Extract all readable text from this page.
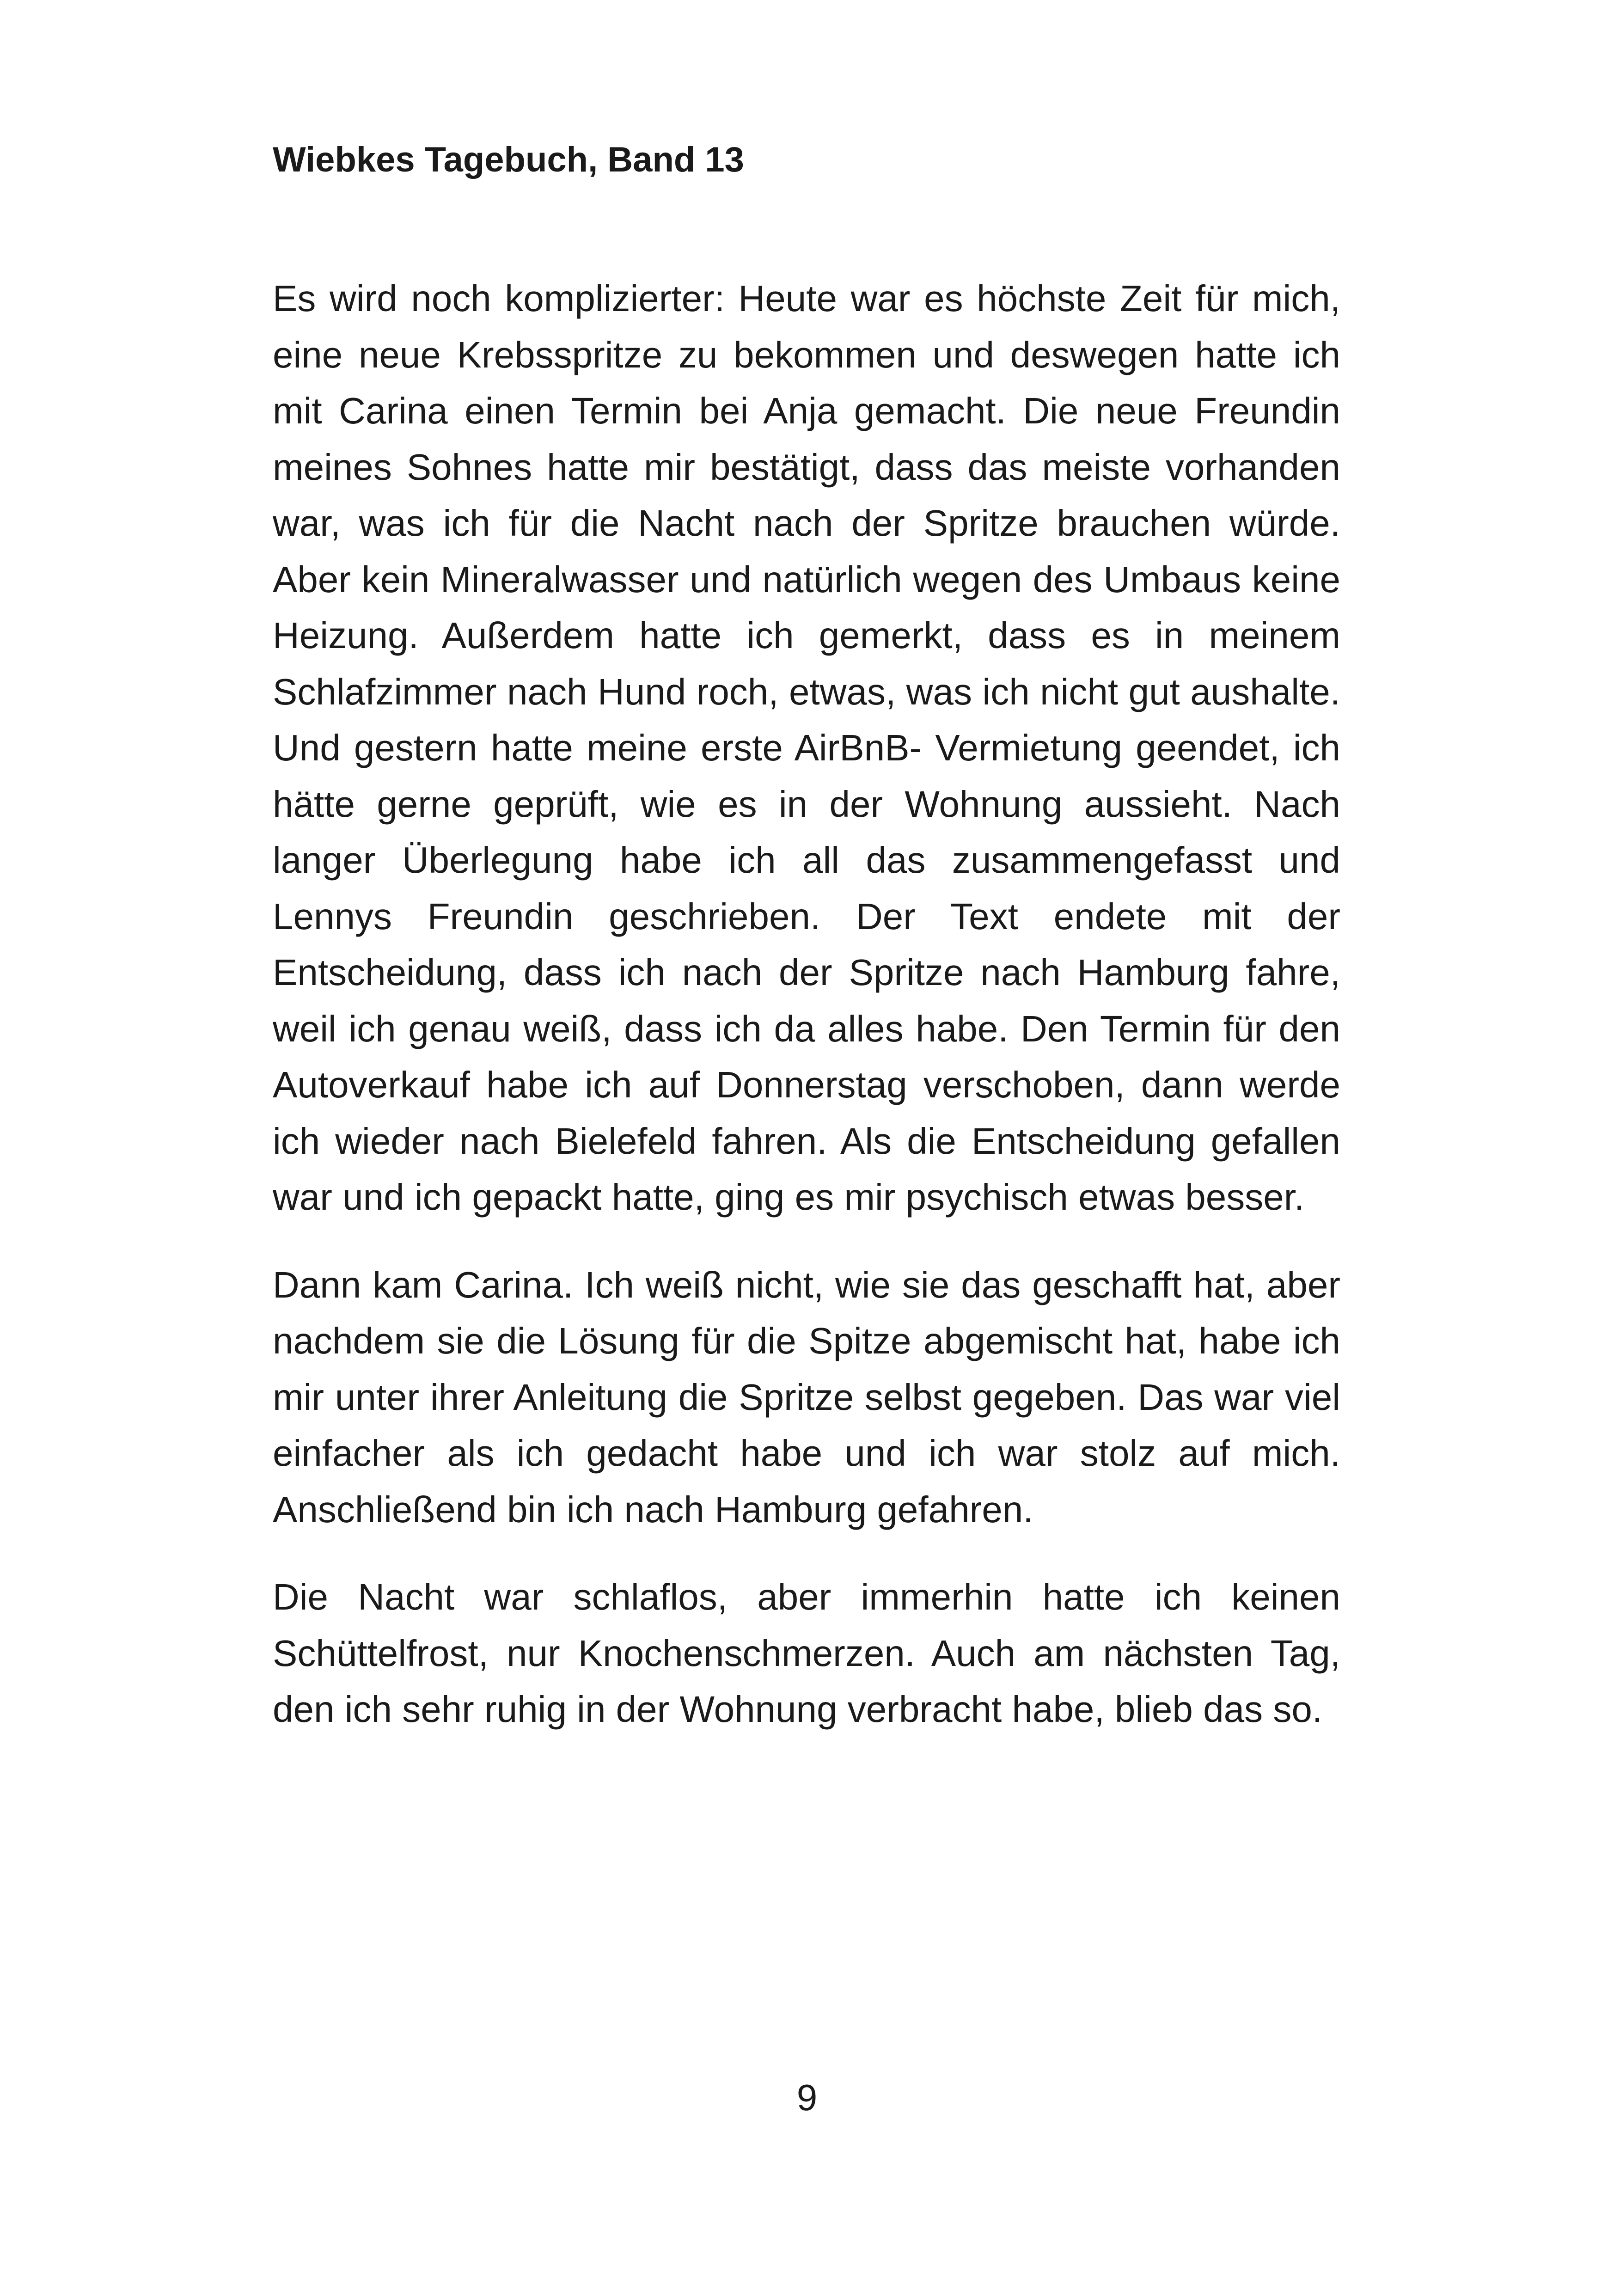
Wiebkes Tagebuch, Band 13

Es wird noch komplizierter: Heute war es höchste Zeit für mich, eine neue Krebsspritze zu bekommen und deswegen hatte ich mit Carina einen Termin bei Anja gemacht. Die neue Freundin meines Sohnes hatte mir bestätigt, dass das meiste vorhanden war, was ich für die Nacht nach der Spritze brauchen würde. Aber kein Mineralwasser und natürlich wegen des Umbaus keine Heizung. Außerdem hatte ich gemerkt, dass es in meinem Schlafzimmer nach Hund roch, etwas, was ich nicht gut aushalte. Und gestern hatte meine erste AirBnB- Vermietung geendet, ich hätte gerne geprüft, wie es in der Wohnung aussieht. Nach langer Überlegung habe ich all das zusammengefasst und Lennys Freundin geschrieben. Der Text endete mit der Entscheidung, dass ich nach der Spritze nach Hamburg fahre, weil ich genau weiß, dass ich da alles habe. Den Termin für den Autoverkauf habe ich auf Donnerstag verschoben, dann werde ich wieder nach Bielefeld fahren. Als die Entscheidung gefallen war und ich gepackt hatte, ging es mir psychisch etwas besser.

Dann kam Carina. Ich weiß nicht, wie sie das geschafft hat, aber nachdem sie die Lösung für die Spitze abgemischt hat, habe ich mir unter ihrer Anleitung die Spritze selbst gegeben. Das war viel einfacher als ich gedacht habe und ich war stolz auf mich. Anschließend bin ich nach Hamburg gefahren.

Die Nacht war schlaflos, aber immerhin hatte ich keinen Schüttelfrost, nur Knochenschmerzen. Auch am nächsten Tag, den ich sehr ruhig in der Wohnung verbracht habe, blieb das so.

9
